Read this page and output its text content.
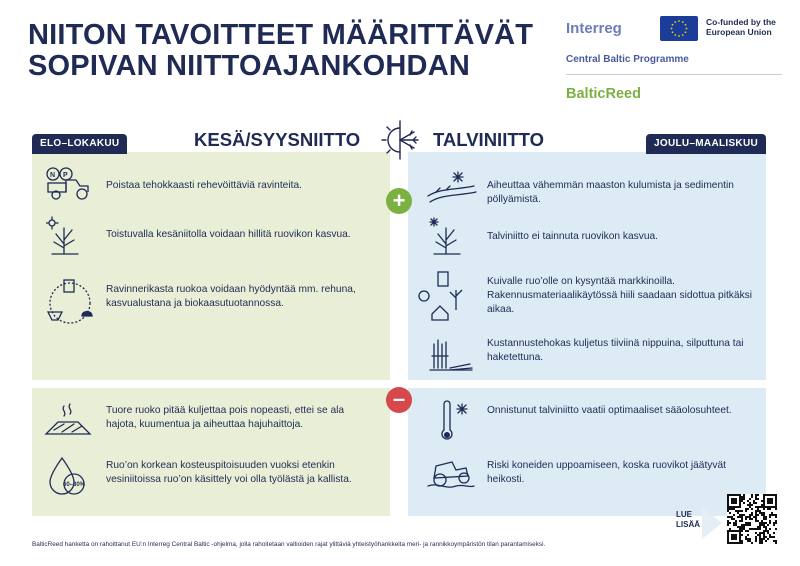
NIITON TAVOITTEET MÄÄRITTÄVÄT
SOPIVAN NIITTOAJANKOHDAN
Interreg	Co-funded by the European Union
Central Baltic Programme
BalticReed
ELO–LOKAKUU	JOULU–MAALISKUU
KESÄ/SYYSNIITTO	TALVINIITTO
+
–
N P
Poistaa tehokkaasti rehevöittäviä ravinteita.
Toistuvalla kesäniitolla voidaan hillitä ruovikon kasvua.
Ravinnerikasta ruokoa voidaan hyödyntää mm. rehuna, kasvualustana ja biokaasutuotannossa.
Tuore ruoko pitää kuljettaa pois nopeasti, ettei se ala hajota, kuumentua ja aiheuttaa hajuhaittoja.
60–80%
Ruo’on korkean kosteuspitoisuuden vuoksi etenkin vesiniitoissa ruo’on käsittely voi olla työlästä ja kallista.
Aiheuttaa vähemmän maaston kulumista ja sedimentin pöllyämistä.
Talviniitto ei tainnuta ruovikon kasvua.
Kuivalle ruo’olle on kysyntää markkinoilla. Rakennusmateriaalikäytössä hiili saadaan sidottua pitkäksi aikaa.
Kustannustehokas kuljetus tiiviinä nippuina, silputtuna tai haketettuna.
Onnistunut talviniitto vaatii optimaaliset sääolosuhteet.
Riski koneiden uppoamiseen, koska ruovikot jäätyvät heikosti.
BalticReed hanketta on rahoittanut EU:n Interreg Central Baltic -ohjelma, jolla rahoitetaan valtioiden rajat ylittäviä yhteistyöhankkeita meri- ja rannikkoympäristön tilan parantamiseksi.
LUE LISÄÄ
